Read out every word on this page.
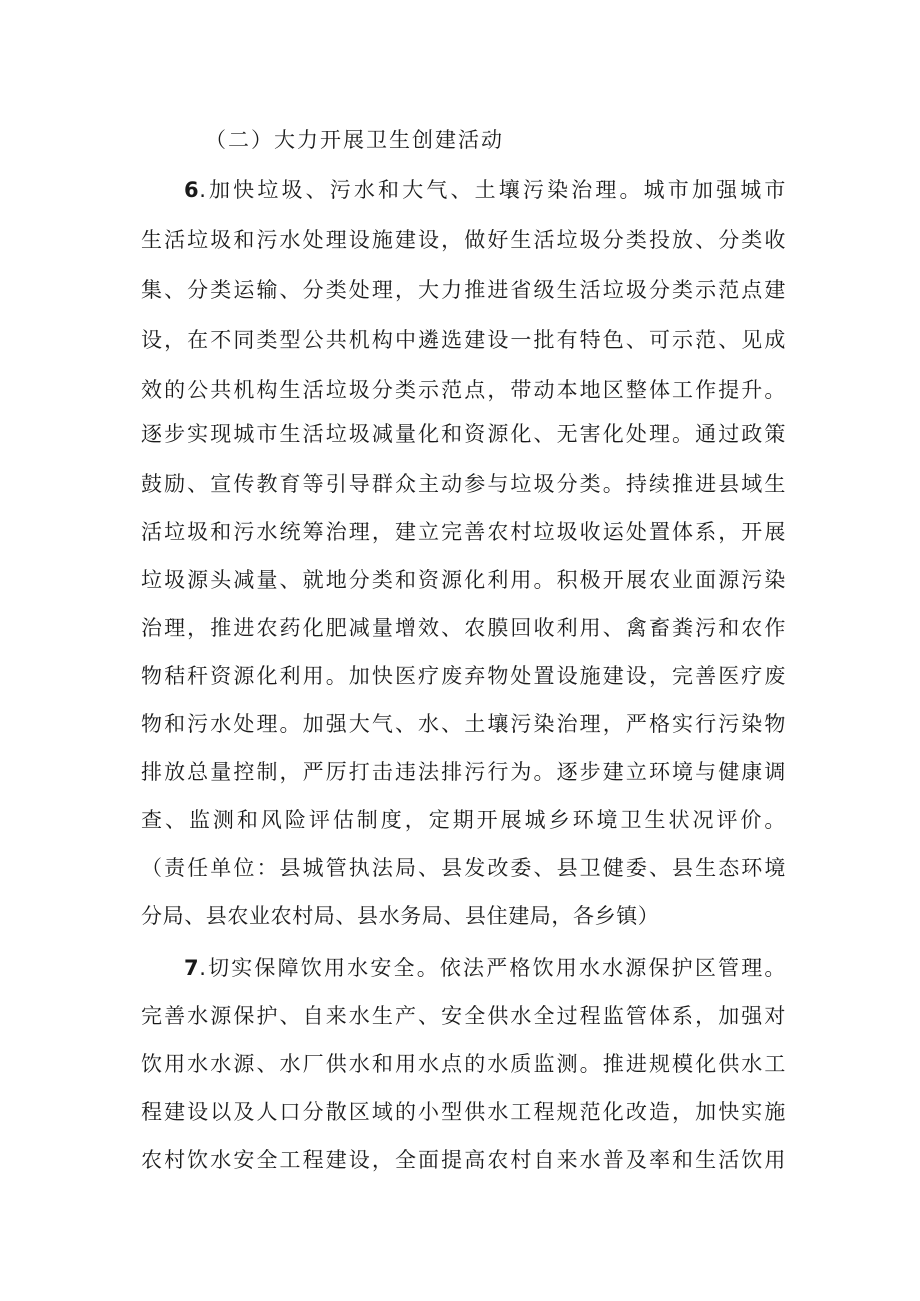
（二）大力开展卫生创建活动

6.加快垃圾、污水和大气、土壤污染治理。城市加强城市

生活垃圾和污水处理设施建设，做好生活垃圾分类投放、分类收

集、分类运输、分类处理，大力推进省级生活垃圾分类示范点建

设，在不同类型公共机构中遴选建设一批有特色、可示范、见成

效的公共机构生活垃圾分类示范点，带动本地区整体工作提升。

逐步实现城市生活垃圾减量化和资源化、无害化处理。通过政策

鼓励、宣传教育等引导群众主动参与垃圾分类。持续推进县域生

活垃圾和污水统筹治理，建立完善农村垃圾收运处置体系，开展

垃圾源头减量、就地分类和资源化利用。积极开展农业面源污染

治理，推进农药化肥减量增效、农膜回收利用、禽畜粪污和农作

物秸秆资源化利用。加快医疗废弃物处置设施建设，完善医疗废

物和污水处理。加强大气、水、土壤污染治理，严格实行污染物

排放总量控制，严厉打击违法排污行为。逐步建立环境与健康调

查、监测和风险评估制度，定期开展城乡环境卫生状况评价。

（责任单位：县城管执法局、县发改委、县卫健委、县生态环境

分局、县农业农村局、县水务局、县住建局，各乡镇）

7.切实保障饮用水安全。依法严格饮用水水源保护区管理。

完善水源保护、自来水生产、安全供水全过程监管体系，加强对

饮用水水源、水厂供水和用水点的水质监测。推进规模化供水工

程建设以及人口分散区域的小型供水工程规范化改造，加快实施

农村饮水安全工程建设，全面提高农村自来水普及率和生活饮用
